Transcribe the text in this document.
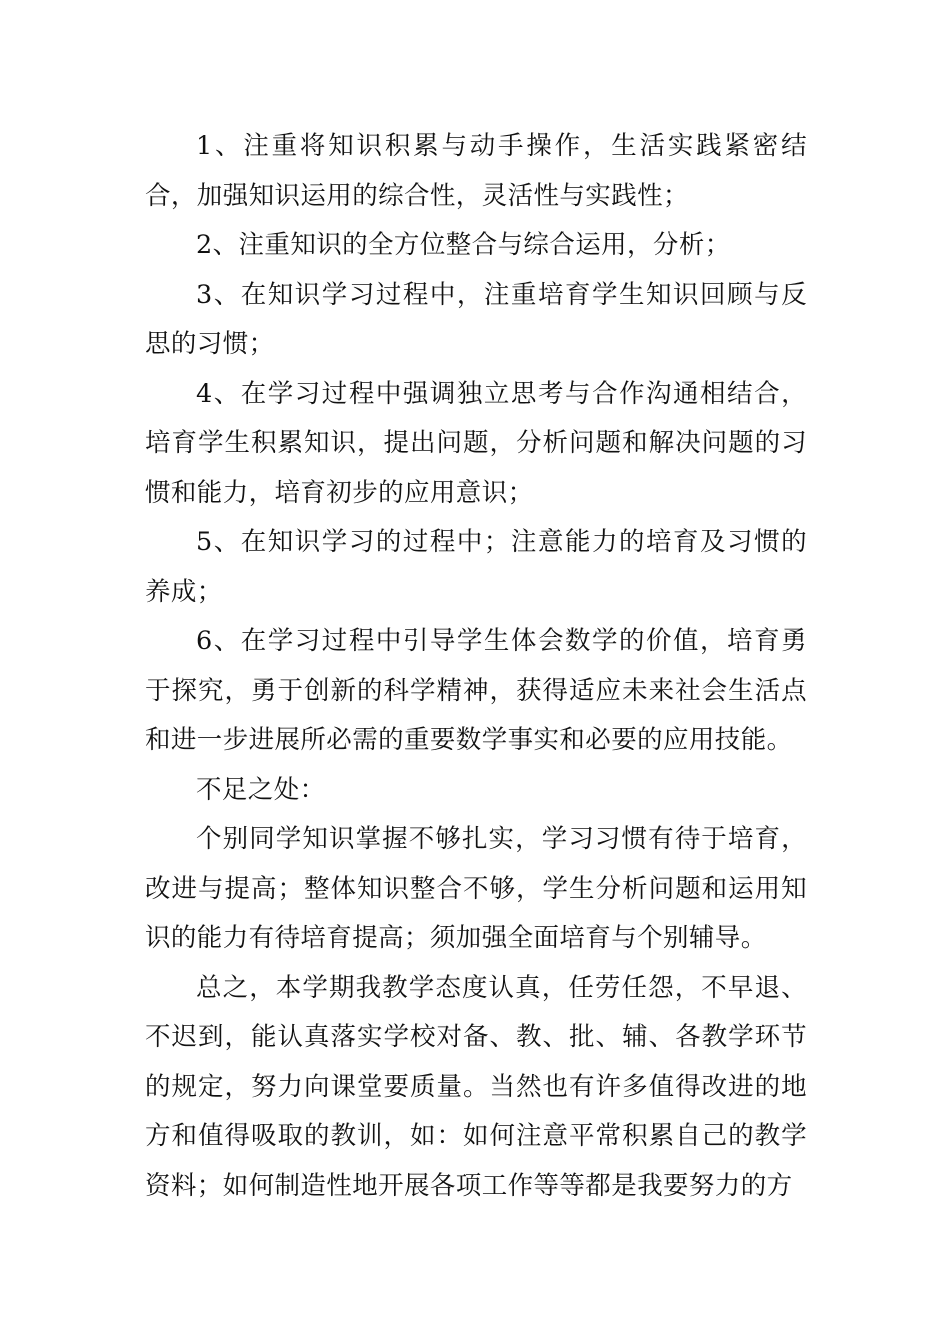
1、注重将知识积累与动手操作，生活实践紧密结合，加强知识运用的综合性，灵活性与实践性；

2、注重知识的全方位整合与综合运用，分析；

3、在知识学习过程中，注重培育学生知识回顾与反思的习惯；

4、在学习过程中强调独立思考与合作沟通相结合，培育学生积累知识，提出问题，分析问题和解决问题的习惯和能力，培育初步的应用意识；

5、在知识学习的过程中；注意能力的培育及习惯的养成；

6、在学习过程中引导学生体会数学的价值，培育勇于探究，勇于创新的科学精神，获得适应未来社会生活点和进一步进展所必需的重要数学事实和必要的应用技能。

不足之处：

个别同学知识掌握不够扎实，学习习惯有待于培育，改进与提高；整体知识整合不够，学生分析问题和运用知识的能力有待培育提高；须加强全面培育与个别辅导。

总之，本学期我教学态度认真，任劳任怨，不早退、不迟到，能认真落实学校对备、教、批、辅、各教学环节的规定，努力向课堂要质量。当然也有许多值得改进的地方和值得吸取的教训，如：如何注意平常积累自己的教学资料；如何制造性地开展各项工作等等都是我要努力的方
